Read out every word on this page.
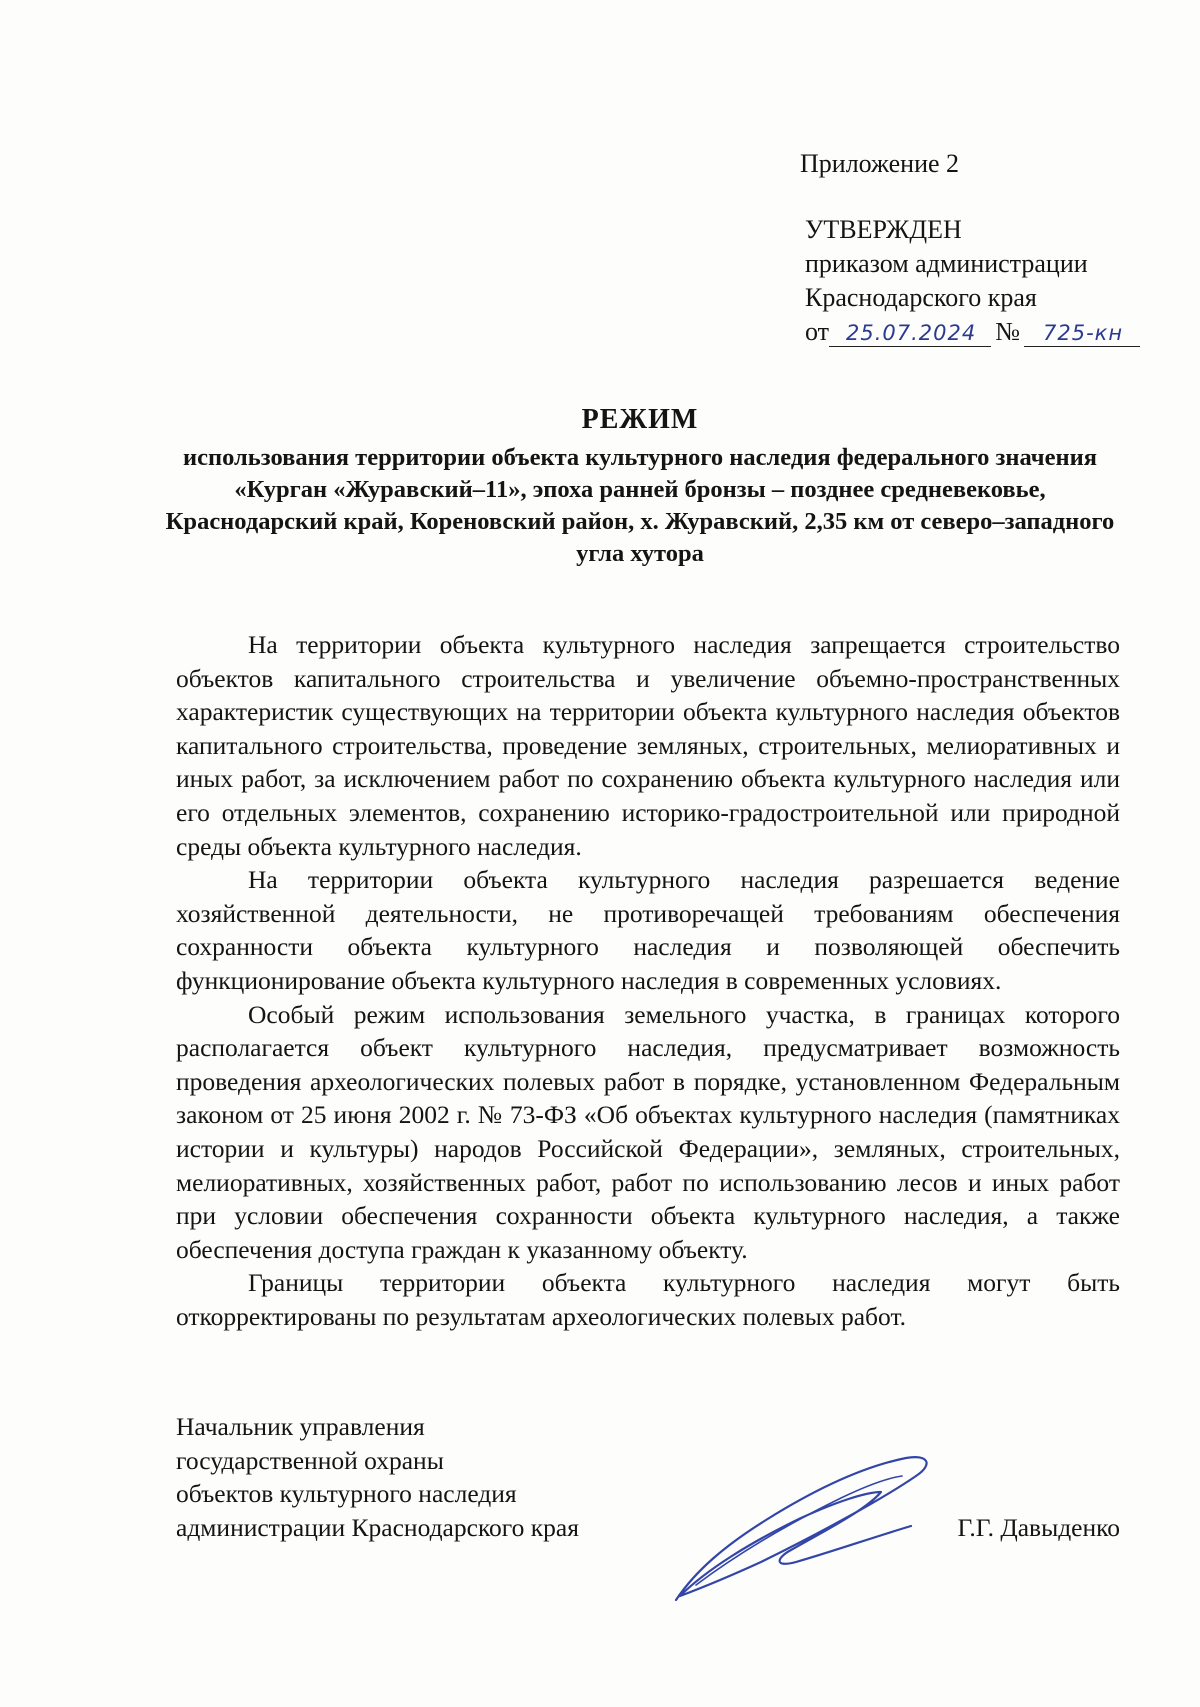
Приложение 2
УТВЕРЖДЕН
приказом администрации
Краснодарского края
от 25.07.2024 №	725-кн
РЕЖИМ
использования территории объекта культурного наследия федерального значения «Курган «Журавский–11», эпоха ранней бронзы – позднее средневековье, Краснодарский край, Кореновский район, х. Журавский, 2,35 км от северо–западного угла хутора

На территории объекта культурного наследия запрещается строительство объектов капитального строительства и увеличение объемно-пространственных характеристик существующих на территории объекта культурного наследия объектов капитального строительства, проведение земляных, строительных, мелиоративных и иных работ, за исключением работ по сохранению объекта культурного наследия или его отдельных элементов, сохранению историко-градостроительной или природной среды объекта культурного наследия.

На территории объекта культурного наследия разрешается ведение хозяйственной деятельности, не противоречащей требованиям обеспечения сохранности объекта культурного наследия и позволяющей обеспечить функционирование объекта культурного наследия в современных условиях.

Особый режим использования земельного участка, в границах которого располагается объект культурного наследия, предусматривает возможность проведения археологических полевых работ в порядке, установленном Федеральным законом от 25 июня 2002 г. № 73-ФЗ «Об объектах культурного наследия (памятниках истории и культуры) народов Российской Федерации», земляных, строительных, мелиоративных, хозяйственных работ, работ по использованию лесов и иных работ при условии обеспечения сохранности объекта культурного наследия, а также обеспечения доступа граждан к указанному объекту.

Границы территории объекта культурного наследия могут быть откорректированы по результатам археологических полевых работ.

Начальник управления
государственной охраны
объектов культурного наследия
администрации Краснодарского края	Г.Г. Давыденко
